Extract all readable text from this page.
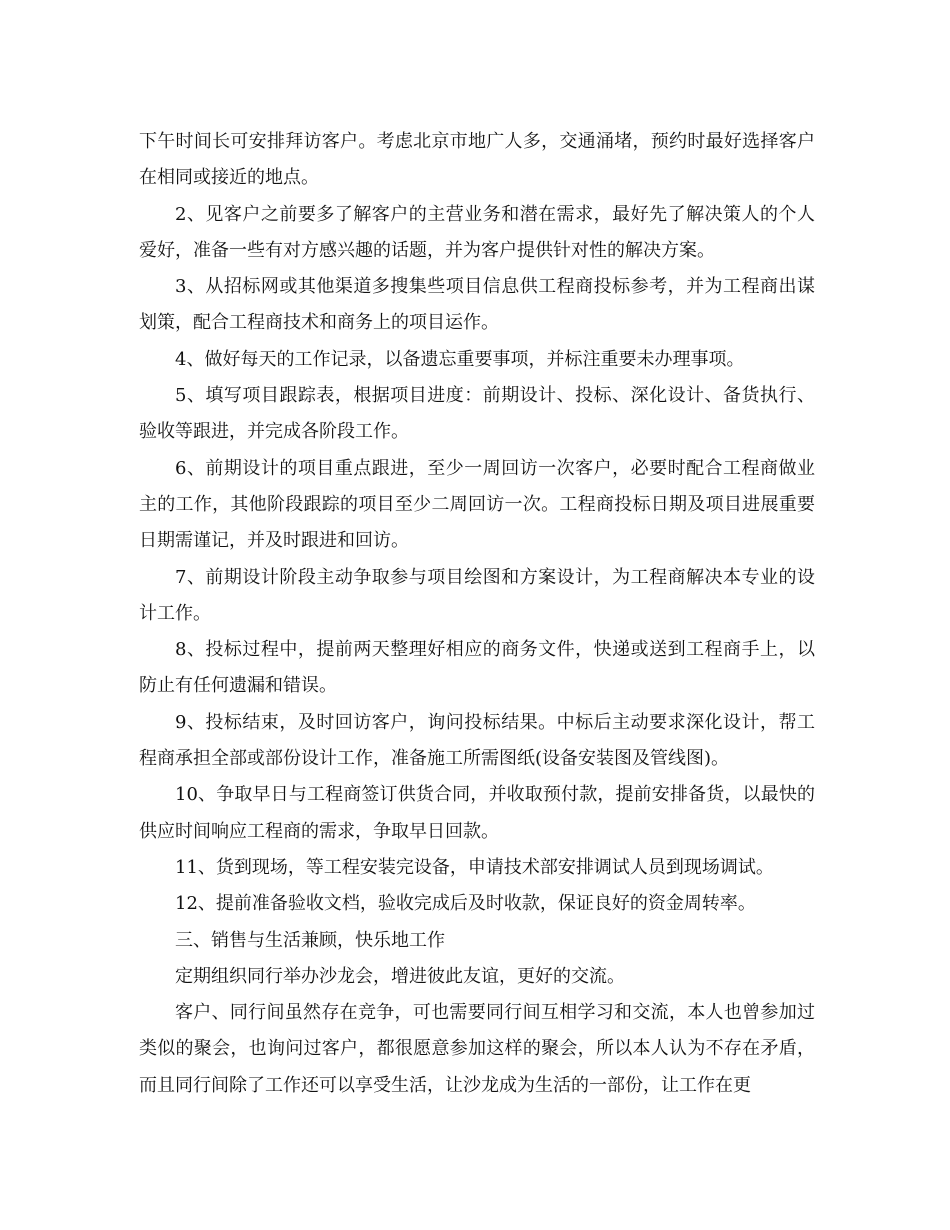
下午时间长可安排拜访客户。考虑北京市地广人多，交通涌堵，预约时最好选择客户在相同或接近的地点。

2、见客户之前要多了解客户的主营业务和潜在需求，最好先了解决策人的个人爱好，准备一些有对方感兴趣的话题，并为客户提供针对性的解决方案。

3、从招标网或其他渠道多搜集些项目信息供工程商投标参考，并为工程商出谋划策，配合工程商技术和商务上的项目运作。

4、做好每天的工作记录，以备遗忘重要事项，并标注重要未办理事项。

5、填写项目跟踪表，根据项目进度：前期设计、投标、深化设计、备货执行、验收等跟进，并完成各阶段工作。

6、前期设计的项目重点跟进，至少一周回访一次客户，必要时配合工程商做业主的工作，其他阶段跟踪的项目至少二周回访一次。工程商投标日期及项目进展重要日期需谨记，并及时跟进和回访。

7、前期设计阶段主动争取参与项目绘图和方案设计，为工程商解决本专业的设计工作。

8、投标过程中，提前两天整理好相应的商务文件，快递或送到工程商手上，以防止有任何遗漏和错误。

9、投标结束，及时回访客户，询问投标结果。中标后主动要求深化设计，帮工程商承担全部或部份设计工作，准备施工所需图纸(设备安装图及管线图)。

10、争取早日与工程商签订供货合同，并收取预付款，提前安排备货，以最快的供应时间响应工程商的需求，争取早日回款。

11、货到现场，等工程安装完设备，申请技术部安排调试人员到现场调试。

12、提前准备验收文档，验收完成后及时收款，保证良好的资金周转率。

三、销售与生活兼顾，快乐地工作

定期组织同行举办沙龙会，增进彼此友谊，更好的交流。

客户、同行间虽然存在竞争，可也需要同行间互相学习和交流，本人也曾参加过类似的聚会，也询问过客户，都很愿意参加这样的聚会，所以本人认为不存在矛盾，而且同行间除了工作还可以享受生活，让沙龙成为生活的一部份，让工作在更
